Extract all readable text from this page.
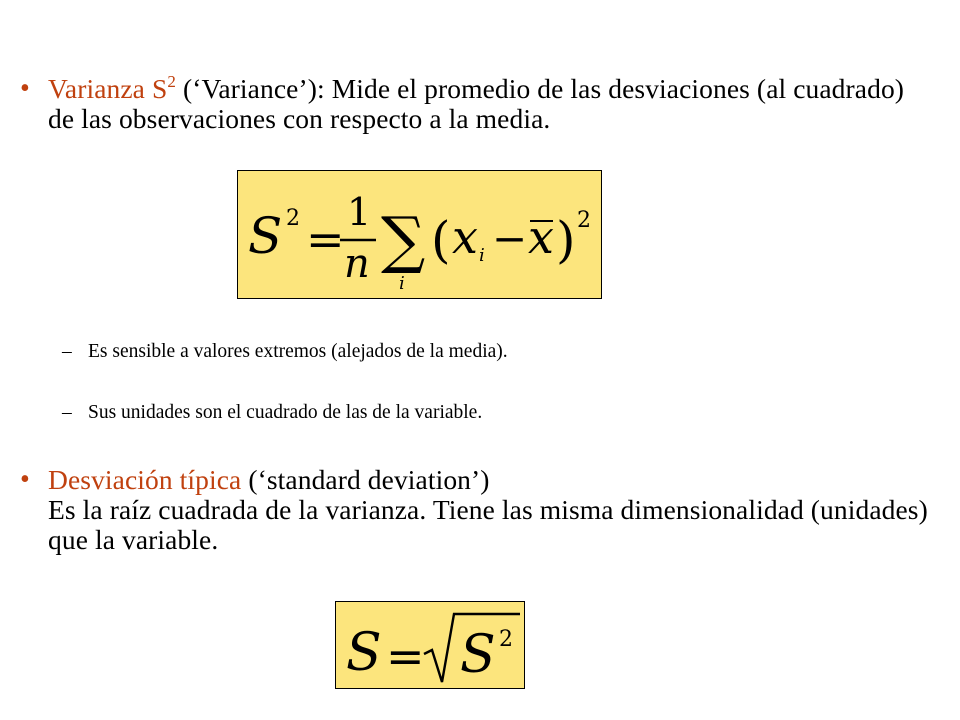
• Varianza $S^2$ (‘Variance’): Mide el promedio de las desviaciones (al cuadrado) de las observaciones con respecto a la media.
S 2 = 1
n ∑
i
( x i − x ) 2
– Es sensible a valores extremos (alejados de la media).
– Sus unidades son el cuadrado de las de la variable.
• Desviación típica (‘standard deviation’)
Es la raíz cuadrada de la varianza. Tiene las misma dimensionalidad (unidades) que la variable.
S = S 2
